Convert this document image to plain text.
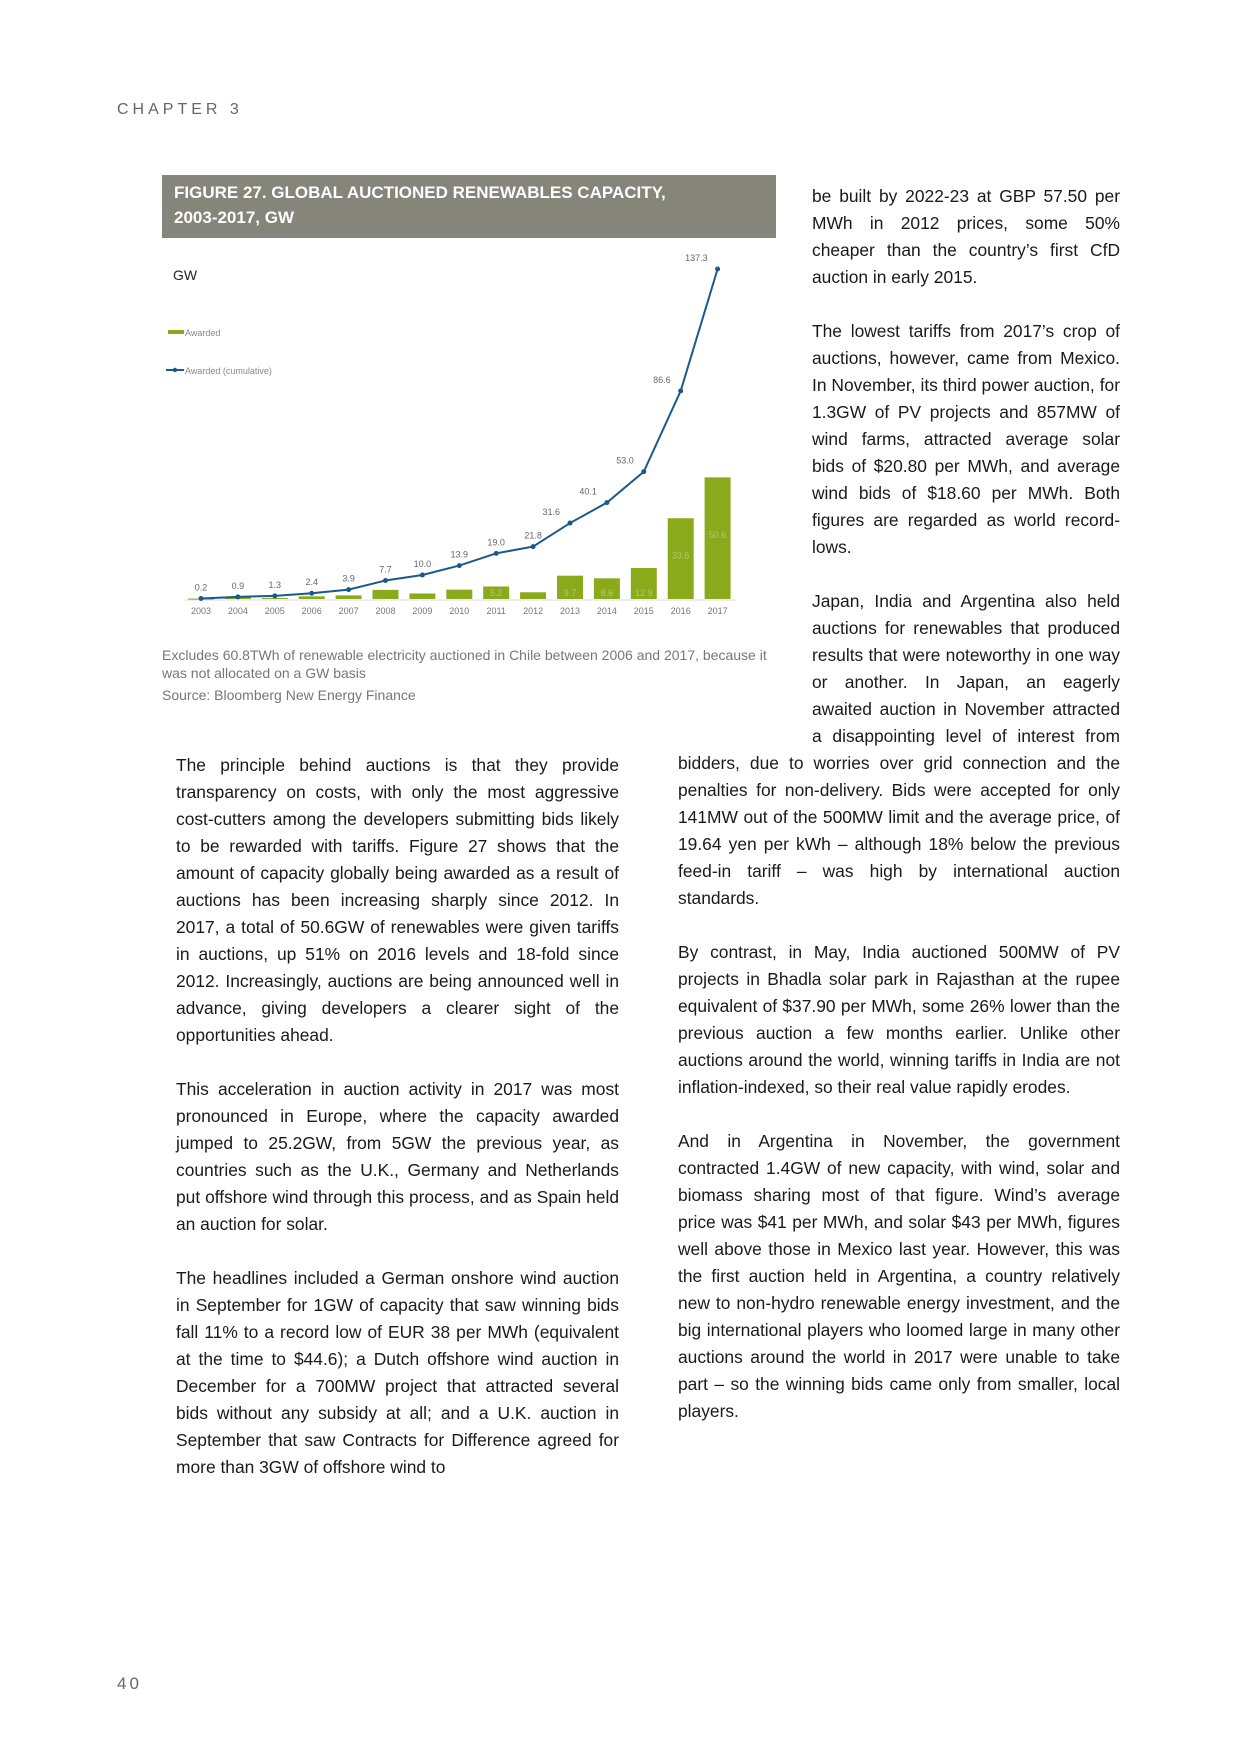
CHAPTER 3
FIGURE 27. GLOBAL AUCTIONED RENEWABLES CAPACITY,
2003-2017, GW
GW
Awarded
Awarded (cumulative)
2003 2004 2005 2006 2007 2008 2009 2010 2011
5.2
2012 2013
9.7
2014
8.6
2015
12.9
2016
33.6
2017
50.6
0.2	0.9	1.3	2.4	3.9
7.7
10.0
13.9
19.0
21.8
31.6
40.1
53.0
86.6
137.3

Excludes 60.8TWh of renewable electricity auctioned in Chile between 2006 and 2017, because it was not allocated on a GW basis

Source: Bloomberg New Energy Finance

The principle behind auctions is that they provide transparency on costs, with only the most aggressive cost-cutters among the developers submitting bids likely to be rewarded with tariffs. Figure 27 shows that the amount of capacity globally being awarded as a result of auctions has been increasing sharply since 2012. In 2017, a total of 50.6GW of renewables were given tariffs in auctions, up 51% on 2016 levels and 18-fold since 2012. Increasingly, auctions are being announced well in advance, giving developers a clearer sight of the opportunities ahead.

This acceleration in auction activity in 2017 was most pronounced in Europe, where the capacity awarded jumped to 25.2GW, from 5GW the previous year, as countries such as the U.K., Germany and Netherlands put offshore wind through this process, and as Spain held an auction for solar.

The headlines included a German onshore wind auction in September for 1GW of capacity that saw winning bids fall 11% to a record low of EUR 38 per MWh (equivalent at the time to $44.6); a Dutch offshore wind auction in December for a 700MW project that attracted several bids without any subsidy at all; and a U.K. auction in September that saw Contracts for Difference agreed for more than 3GW of offshore wind to

be built by 2022-23 at GBP 57.50 per MWh in 2012 prices, some 50% cheaper than the country’s first CfD auction in early 2015.

The lowest tariffs from 2017’s crop of auctions, however, came from Mexico. In November, its third power auction, for 1.3GW of PV projects and 857MW of wind farms, attracted average solar bids of $20.80 per MWh, and average wind bids of $18.60 per MWh. Both figures are regarded as world record-lows.

Japan, India and Argentina also held auctions for renewables that produced results that were noteworthy in one way or another. In Japan, an eagerly awaited auction in November attracted a disappointing level of interest from bidders, due to worries over grid connection and the penalties for non-delivery. Bids were accepted for only 141MW out of the 500MW limit and the average price, of 19.64 yen per kWh – although 18% below the previous feed-in tariff – was high by international auction standards.

By contrast, in May, India auctioned 500MW of PV projects in Bhadla solar park in Rajasthan at the rupee equivalent of $37.90 per MWh, some 26% lower than the previous auction a few months earlier. Unlike other auctions around the world, winning tariffs in India are not inflation-indexed, so their real value rapidly erodes.

And in Argentina in November, the government contracted 1.4GW of new capacity, with wind, solar and biomass sharing most of that figure. Wind’s average price was $41 per MWh, and solar $43 per MWh, figures well above those in Mexico last year. However, this was the first auction held in Argentina, a country relatively new to non-hydro renewable energy investment, and the big international players who loomed large in many other auctions around the world in 2017 were unable to take part – so the winning bids came only from smaller, local players.

40
